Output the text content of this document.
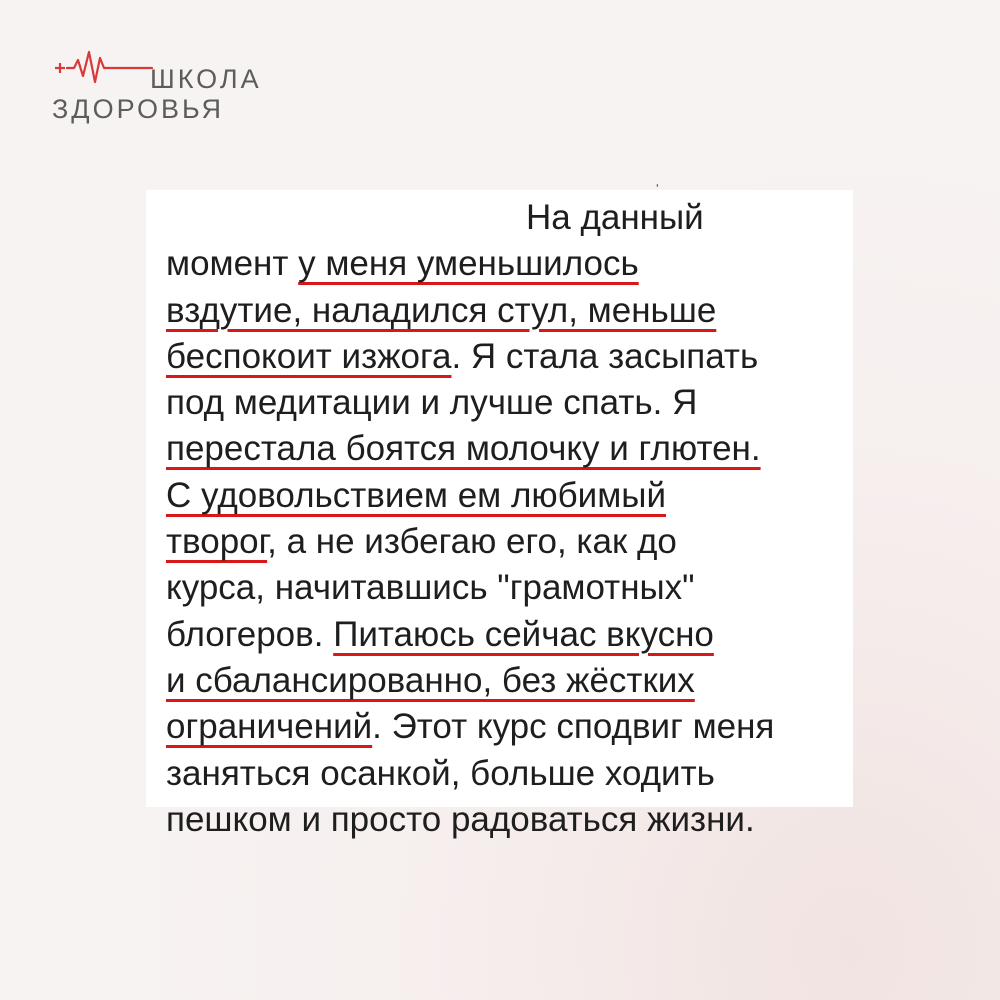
ШКОЛА
ЗДОРОВЬЯ
ʼ
На данный
момент у меня уменьшилось
вздутие, наладился стул, меньше
беспокоит изжога. Я стала засыпать
под медитации и лучше спать. Я
перестала боятся молочку и глютен.
С удовольствием ем любимый
творог, а не избегаю его, как до
курса, начитавшись "грамотных"
блогеров. Питаюсь сейчас вкусно
и сбалансированно, без жёстких
ограничений. Этот курс сподвиг меня
заняться осанкой, больше ходить
пешком и просто радоваться жизни.
